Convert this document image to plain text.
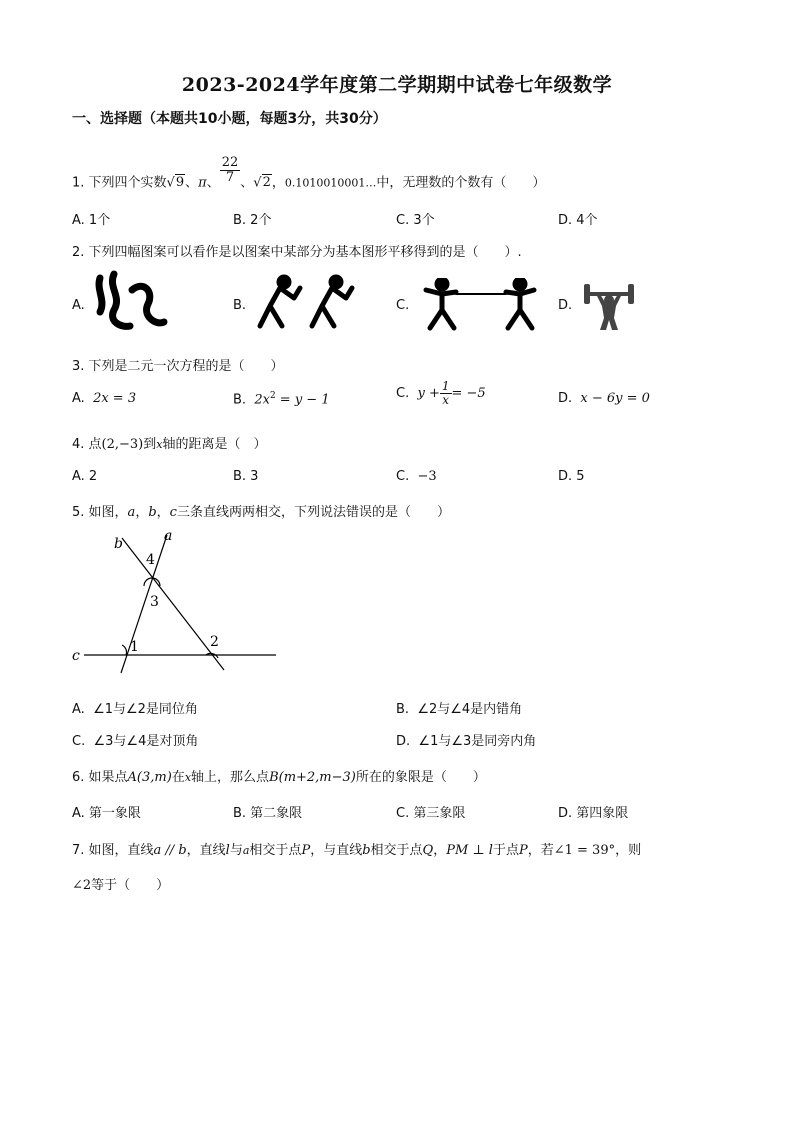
2023-2024学年度第二学期期中试卷七年级数学
一、选择题（本题共10小题，每题3分，共30分）
1. 下列四个实数√9、π、 $\frac{22}{7}$ 、√2，0.1010010001…中，无理数的个数有（　　）
A. 1个	B. 2个	C. 3个	D. 4个
2. 下列四幅图案可以看作是以图案中某部分为基本图形平移得到的是（　　）.
A.	B.	C.	D.
3. 下列是二元一次方程的是（　　）
A. 2x = 3	B. $2x^2 = y - 1$	C. $y + \frac{1}{x} = -5$	D. x − 6y = 0
4. 点(2,−3)到x轴的距离是（　）
A. 2	B. 3	C. −3	D. 5
5. 如图，a，b，c三条直线两两相交，下列说法错误的是（　　）
b	a
c
1	2
3
4
A. ∠1与∠2是同位角	B. ∠2与∠4是内错角
C. ∠3与∠4是对顶角	D. ∠1与∠3是同旁内角
6. 如果点A(3,m)在x轴上，那么点B(m+2,m−3)所在的象限是（　　）
A. 第一象限	B. 第二象限	C. 第三象限	D. 第四象限
7. 如图，直线a // b，直线l与a相交于点P，与直线b相交于点Q，PM ⊥ l于点P，若∠1 = 39°，则
∠2等于（　　）
